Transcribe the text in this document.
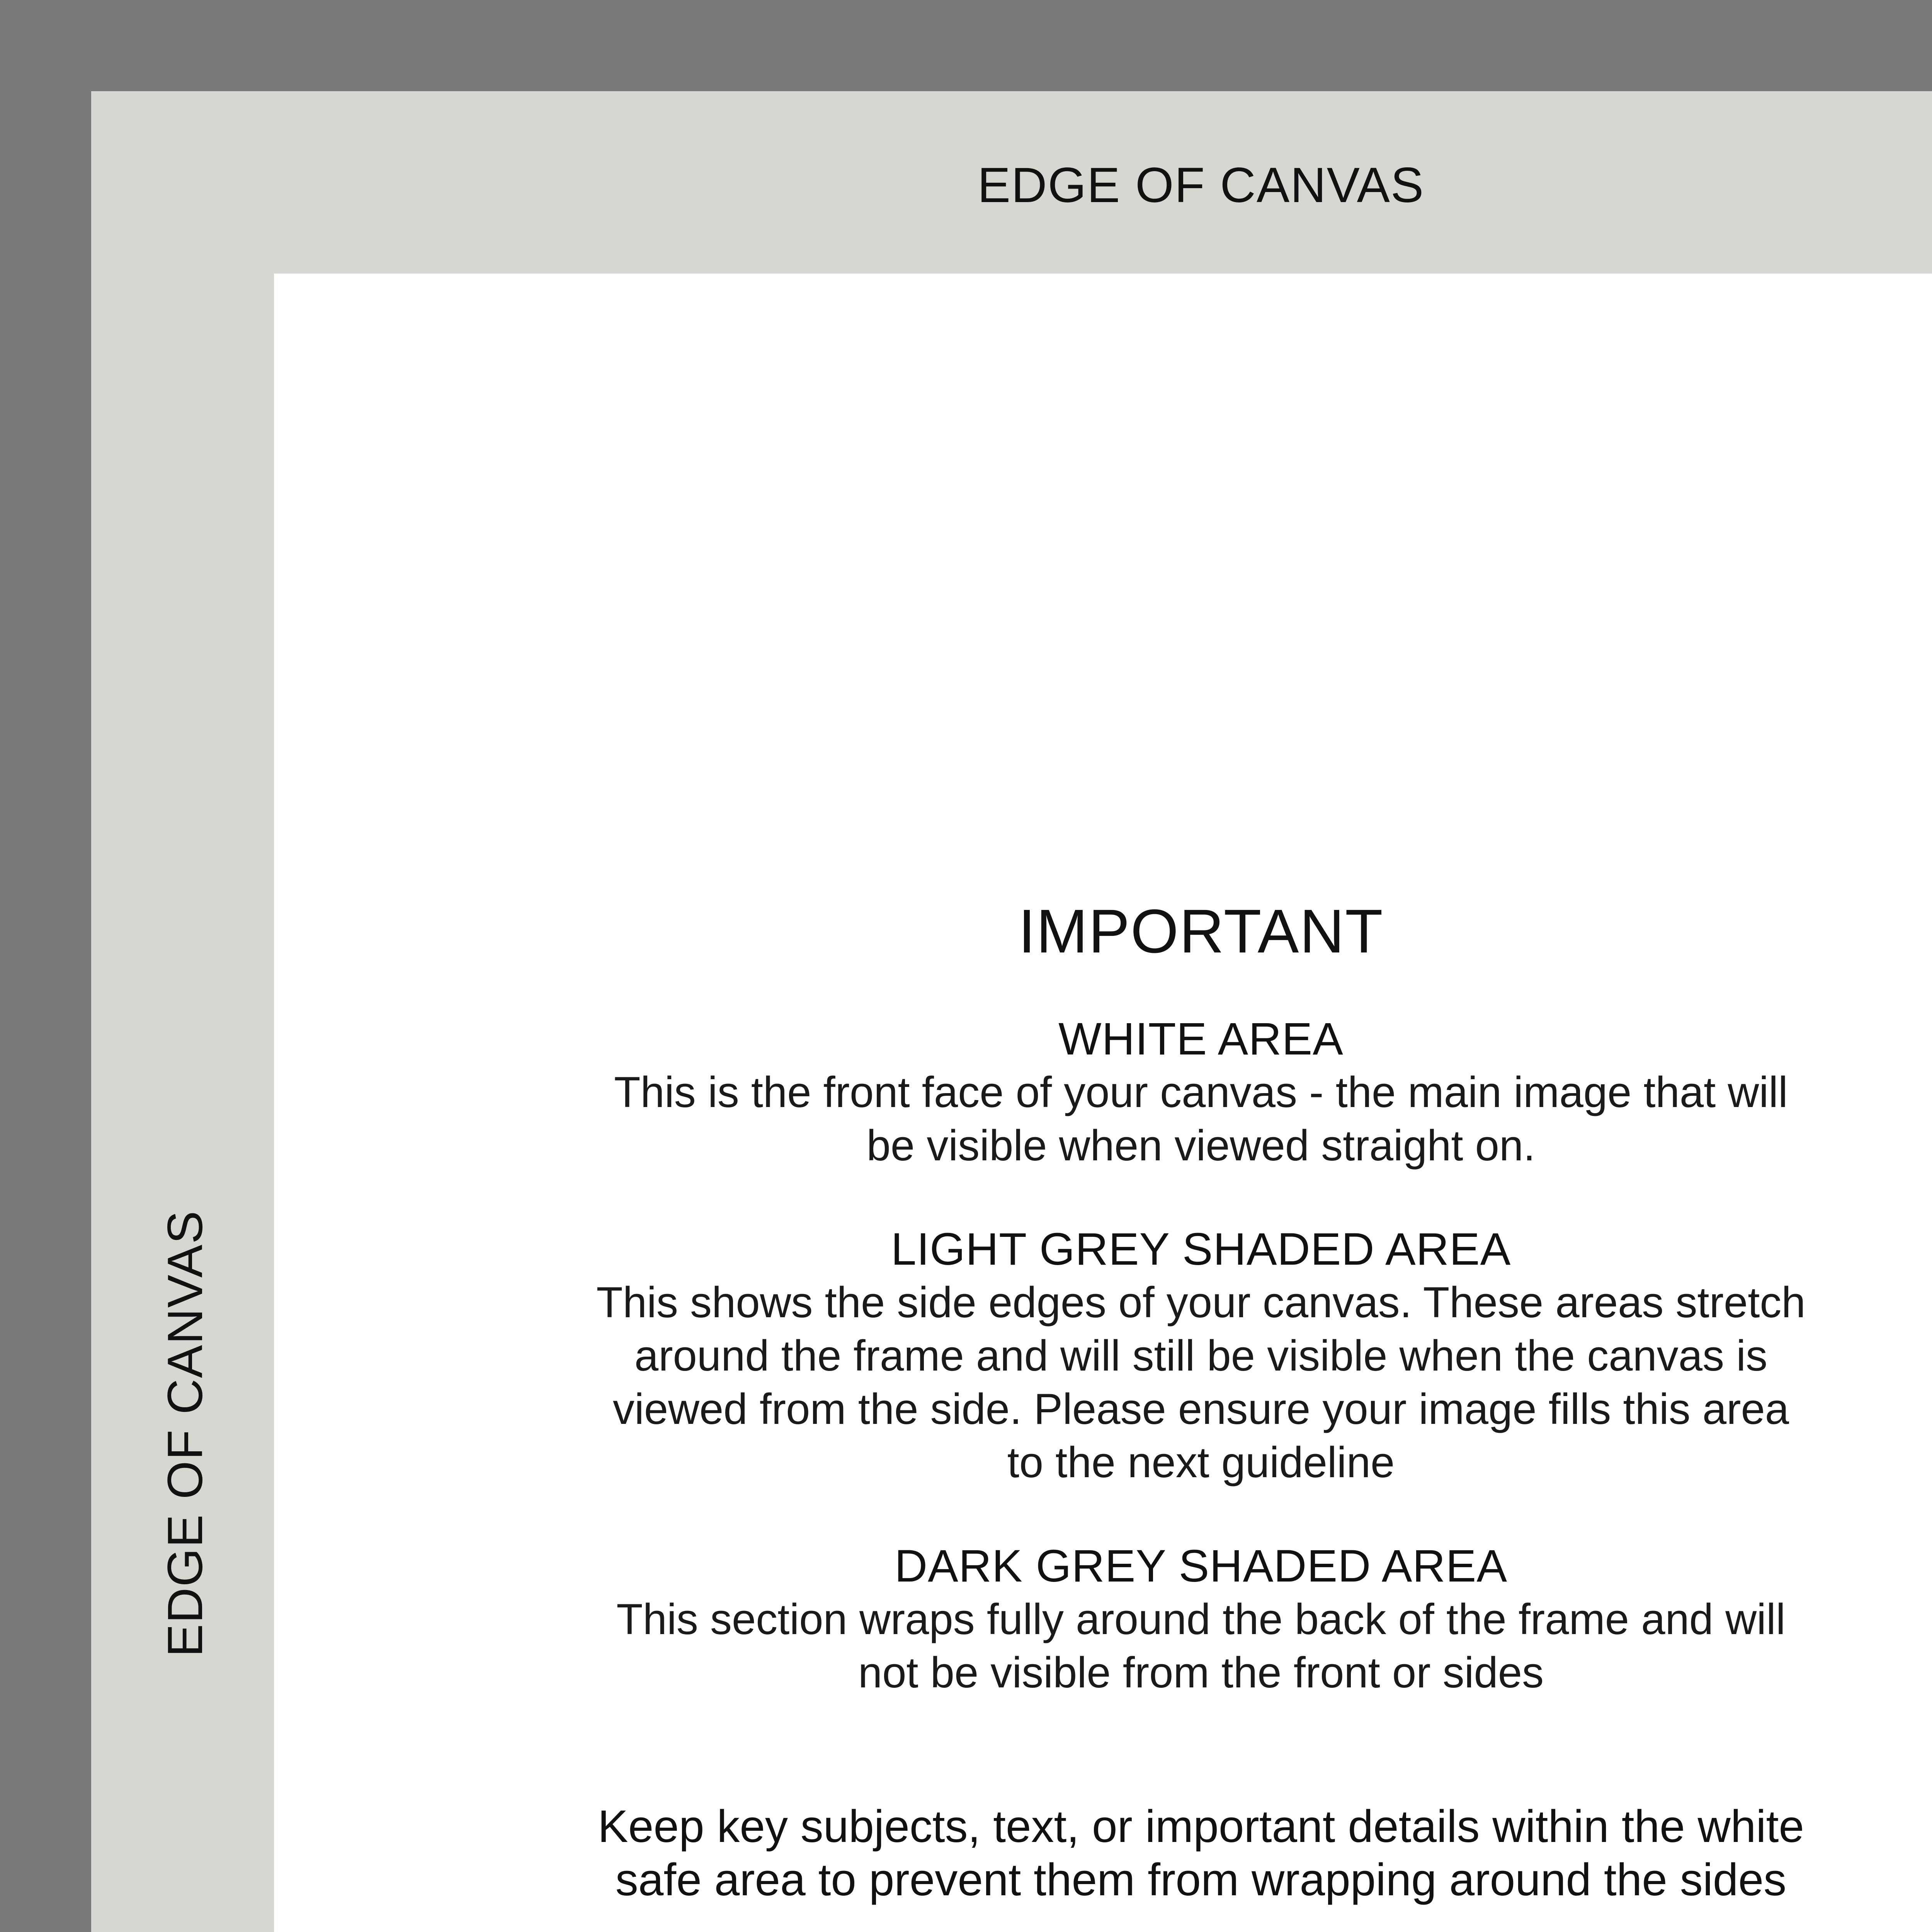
EDGE OF CANVAS
EDGE OF CANVAS
IMPORTANT

WHITE AREA

This is the front face of your canvas - the main image that will

be visible when viewed straight on.

LIGHT GREY SHADED AREA

This shows the side edges of your canvas. These areas stretch

around the frame and will still be visible when the canvas is

viewed from the side. Please ensure your image fills this area

to the next guideline

DARK GREY SHADED AREA

This section wraps fully around the back of the frame and will

not be visible from the front or sides

Keep key subjects, text, or important details within the white

safe area to prevent them from wrapping around the sides
